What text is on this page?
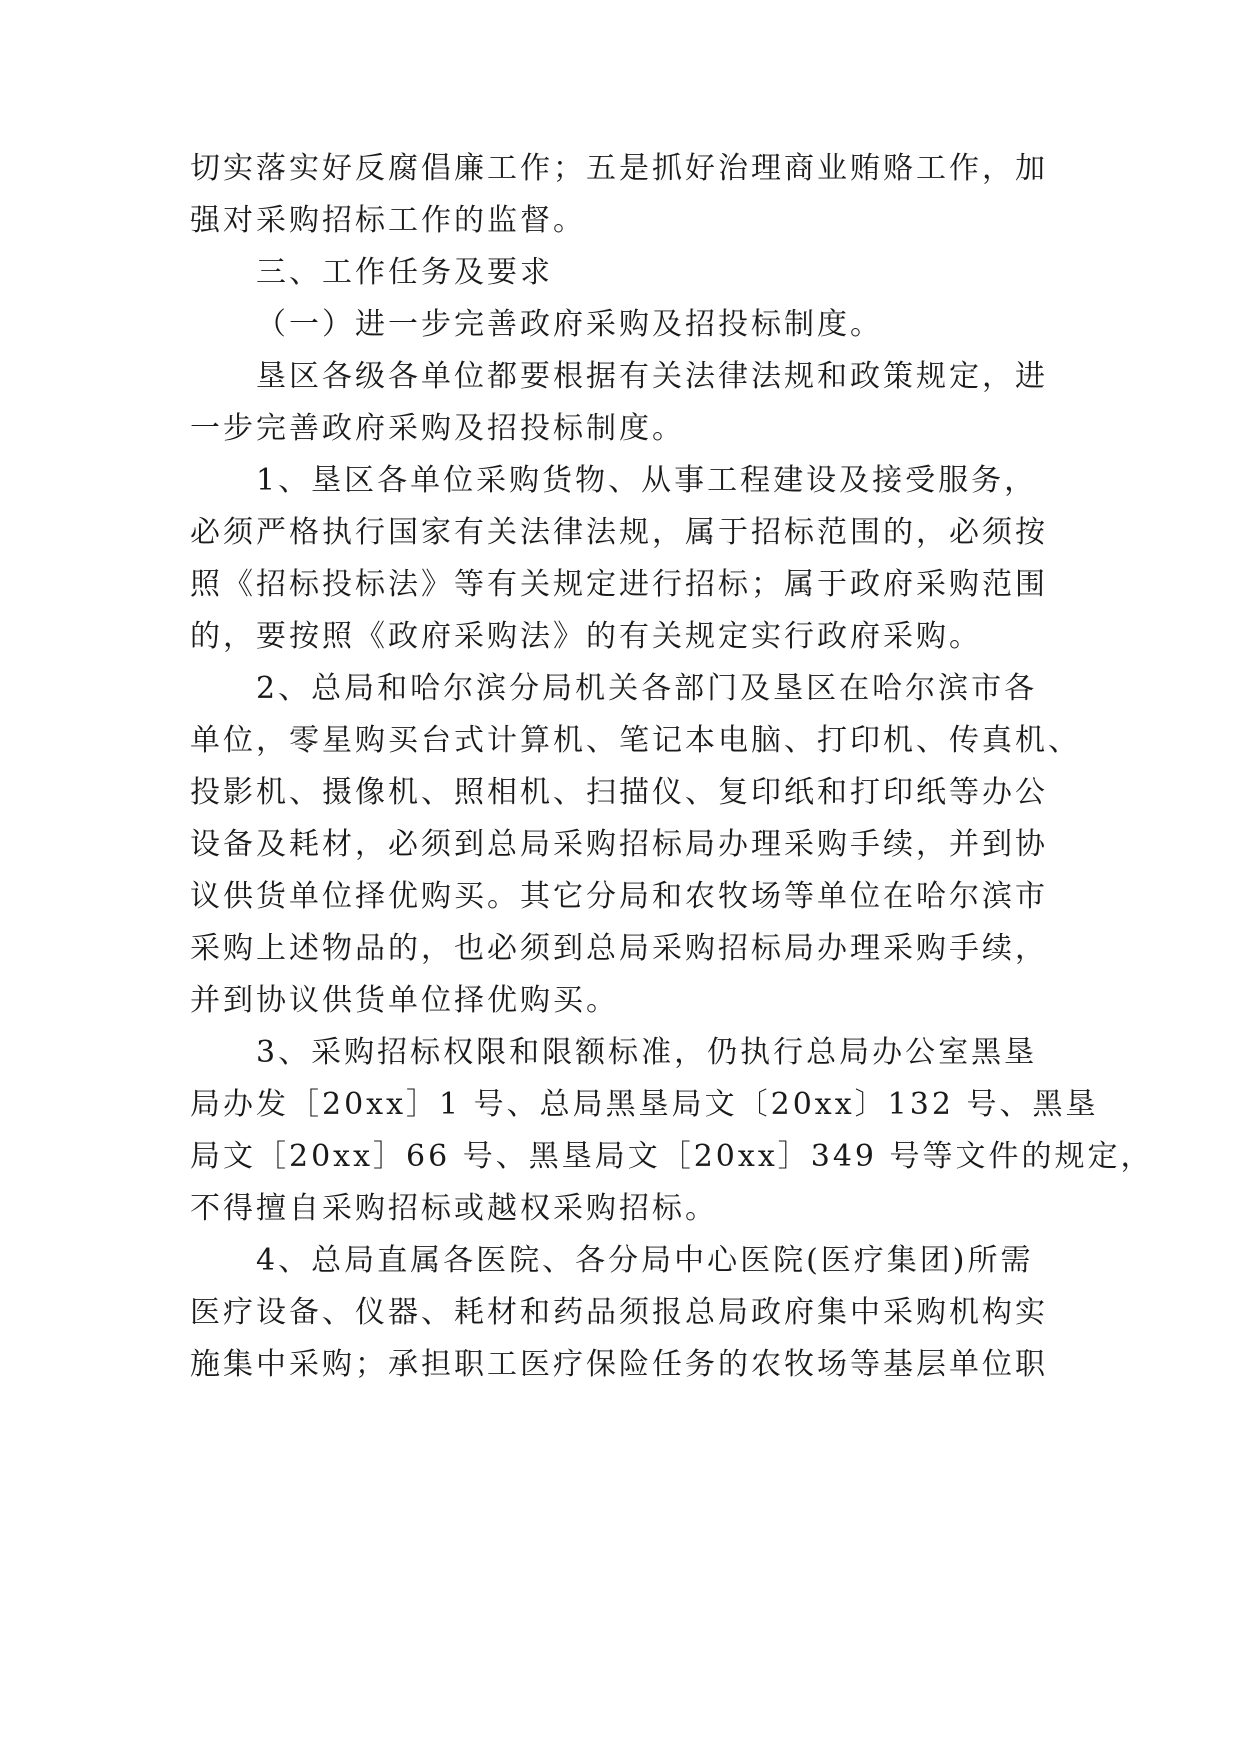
切实落实好反腐倡廉工作；五是抓好治理商业贿赂工作，加
强对采购招标工作的监督。
三、工作任务及要求
（一）进一步完善政府采购及招投标制度。
垦区各级各单位都要根据有关法律法规和政策规定，进
一步完善政府采购及招投标制度。
1、垦区各单位采购货物、从事工程建设及接受服务，
必须严格执行国家有关法律法规，属于招标范围的，必须按
照《招标投标法》等有关规定进行招标；属于政府采购范围
的，要按照《政府采购法》的有关规定实行政府采购。
2、总局和哈尔滨分局机关各部门及垦区在哈尔滨市各
单位，零星购买台式计算机、笔记本电脑、打印机、传真机、
投影机、摄像机、照相机、扫描仪、复印纸和打印纸等办公
设备及耗材，必须到总局采购招标局办理采购手续，并到协
议供货单位择优购买。其它分局和农牧场等单位在哈尔滨市
采购上述物品的，也必须到总局采购招标局办理采购手续，
并到协议供货单位择优购买。
3、采购招标权限和限额标准，仍执行总局办公室黑垦
局办发［20xx］1 号、总局黑垦局文〔20xx〕132 号、黑垦
局文［20xx］66 号、黑垦局文［20xx］349 号等文件的规定，
不得擅自采购招标或越权采购招标。
4、总局直属各医院、各分局中心医院(医疗集团)所需
医疗设备、仪器、耗材和药品须报总局政府集中采购机构实
施集中采购；承担职工医疗保险任务的农牧场等基层单位职
